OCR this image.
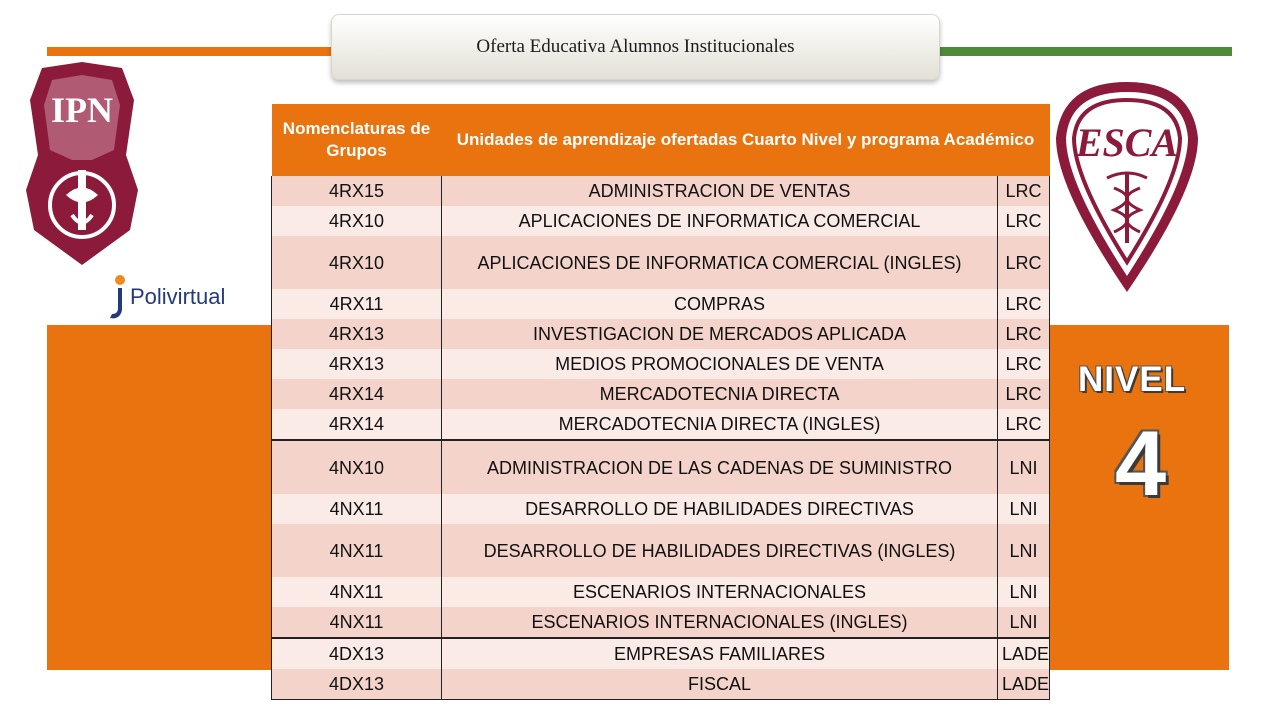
Oferta Educativa Alumnos Institucionales
IPN
Polivirtual
ESCA
NIVEL
4
Nomenclaturas de Grupos	Unidades de aprendizaje ofertadas Cuarto Nivel y programa Académico	
4RX15	ADMINISTRACION DE VENTAS	LRC
4RX10	APLICACIONES DE INFORMATICA COMERCIAL	LRC
4RX10	APLICACIONES DE INFORMATICA COMERCIAL (INGLES)	LRC
4RX11	COMPRAS	LRC
4RX13	INVESTIGACION DE MERCADOS APLICADA	LRC
4RX13	MEDIOS PROMOCIONALES DE VENTA	LRC
4RX14	MERCADOTECNIA DIRECTA	LRC
4RX14	MERCADOTECNIA DIRECTA (INGLES)	LRC
4NX10	ADMINISTRACION DE LAS CADENAS DE SUMINISTRO	LNI
4NX11	DESARROLLO DE HABILIDADES DIRECTIVAS	LNI
4NX11	DESARROLLO DE HABILIDADES DIRECTIVAS (INGLES)	LNI
4NX11	ESCENARIOS INTERNACIONALES	LNI
4NX11	ESCENARIOS INTERNACIONALES (INGLES)	LNI
4DX13	EMPRESAS FAMILIARES	LADE
4DX13	FISCAL	LADE
